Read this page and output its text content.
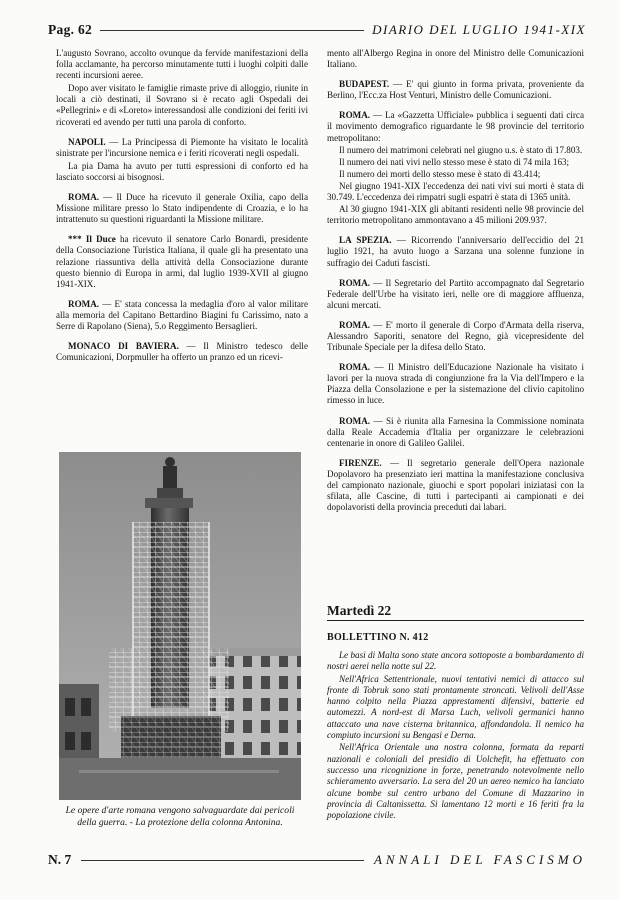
Pag. 62	DIARIO DEL LUGLIO 1941-XIX

L'augusto Sovrano, accolto ovunque da fervide manifestazioni della folla acclamante, ha percorso minutamente tutti i luoghi colpiti dalle recenti incursioni aeree.

Dopo aver visitato le famiglie rimaste prive di alloggio, riunite in locali a ciò destinati, il Sovrano si è recato agli Ospedali dei «Pellegrini» e di «Loreto» interessandosi alle condizioni dei feriti ivi ricoverati ed avendo per tutti una parola di conforto.

NAPOLI. — La Principessa di Piemonte ha visitato le località sinistrate per l'incursione nemica e i feriti ricoverati negli ospedali.

La pia Dama ha avuto per tutti espressioni di conforto ed ha lasciato soccorsi ai bisognosi.

ROMA. — Il Duce ha ricevuto il generale Oxilia, capo della Missione militare presso lo Stato indipendente di Croazia, e lo ha intrattenuto su questioni riguardanti la Missione militare.

*** Il Duce ha ricevuto il senatore Carlo Bonardi, presidente della Consociazione Turistica Italiana, il quale gli ha presentato una relazione riassuntiva della attività della Consociazione durante questo biennio di Europa in armi, dal luglio 1939-XVII al giugno 1941-XIX.

ROMA. — E' stata concessa la medaglia d'oro al valor militare alla memoria del Capitano Bettardino Biagini fu Carissimo, nato a Serre di Rapolano (Siena), 5.o Reggimento Bersaglieri.

MONACO DI BAVIERA. — Il Ministro tedesco delle Comunicazioni, Dorpmuller ha offerto un pranzo ed un ricevi-

Le opere d'arte romana vengono salvaguardate dai pericoli della guerra. - La protezione della colonna Antonina.

mento all'Albergo Regina in onore del Ministro delle Comunicazioni Italiano.

BUDAPEST. — E' qui giunto in forma privata, proveniente da Berlino, l'Ecc.za Host Venturi, Ministro delle Comunicazioni.

ROMA. — La «Gazzetta Ufficiale» pubblica i seguenti dati circa il movimento demografico riguardante le 98 provincie del territorio metropolitano:

Il numero dei matrimoni celebrati nel giugno u.s. è stato di 17.803.

Il numero dei nati vivi nello stesso mese è stato di 74 mila 163;

Il numero dei morti dello stesso mese è stato di 43.414;

Nel giugno 1941-XIX l'eccedenza dei nati vivi sui morti è stata di 30.749. L'eccedenza dei rimpatri sugli espatri è stata di 1365 unità.

Al 30 giugno 1941-XIX gli abitanti residenti nelle 98 provincie del territorio metropolitano ammontavano a 45 milioni 209.937.

LA SPEZIA. — Ricorrendo l'anniversario dell'eccidio del 21 luglio 1921, ha avuto luogo a Sarzana una solenne funzione in suffragio dei Caduti fascisti.

ROMA. — Il Segretario del Partito accompagnato dal Segretario Federale dell'Urbe ha visitato ieri, nelle ore di maggiore affluenza, alcuni mercati.

ROMA. — E' morto il generale di Corpo d'Armata della riserva, Alessandro Saporiti, senatore del Regno, già vicepresidente del Tribunale Speciale per la difesa dello Stato.

ROMA. — Il Ministro dell'Educazione Nazionale ha visitato i lavori per la nuova strada di congiunzione fra la Via dell'Impero e la Piazza della Consolazione e per la sistemazione del clivio capitolino rimesso in luce.

ROMA. — Si è riunita alla Farnesina la Commissione nominata dalla Reale Accademia d'Italia per organizzare le celebrazioni centenarie in onore di Galileo Galilei.

FIRENZE. — Il segretario generale dell'Opera nazionale Dopolavoro ha presenziato ieri mattina la manifestazione conclusiva del campionato nazionale, giuochi e sport popolari iniziatasi con la sfilata, alle Cascine, di tutti i partecipanti ai campionati e dei dopolavoristi della provincia preceduti dai labari.

Martedì 22
BOLLETTINO N. 412

Le basi di Malta sono state ancora sottoposte a bombardamento di nostri aerei nella notte sul 22.

Nell'Africa Settentrionale, nuovi tentativi nemici di attacco sul fronte di Tobruk sono stati prontamente stroncati. Velivoli dell'Asse hanno colpito nella Piazza apprestamenti difensivi, batterie ed automezzi. A nord-est di Marsa Luch, velivoli germanici hanno attaccato una nave cisterna britannica, affondandola. Il nemico ha compiuto incursioni su Bengasi e Derna.

Nell'Africa Orientale una nostra colonna, formata da reparti nazionali e coloniali del presidio di Uolchefit, ha effettuato con successo una ricognizione in forze, penetrando notevolmente nello schieramento avversario. La sera del 20 un aereo nemico ha lanciato alcune bombe sul centro urbano del Comune di Mazzarino in provincia di Caltanissetta. Si lamentano 12 morti e 16 feriti fra la popolazione civile.

N. 7	ANNALI DEL FASCISMO
